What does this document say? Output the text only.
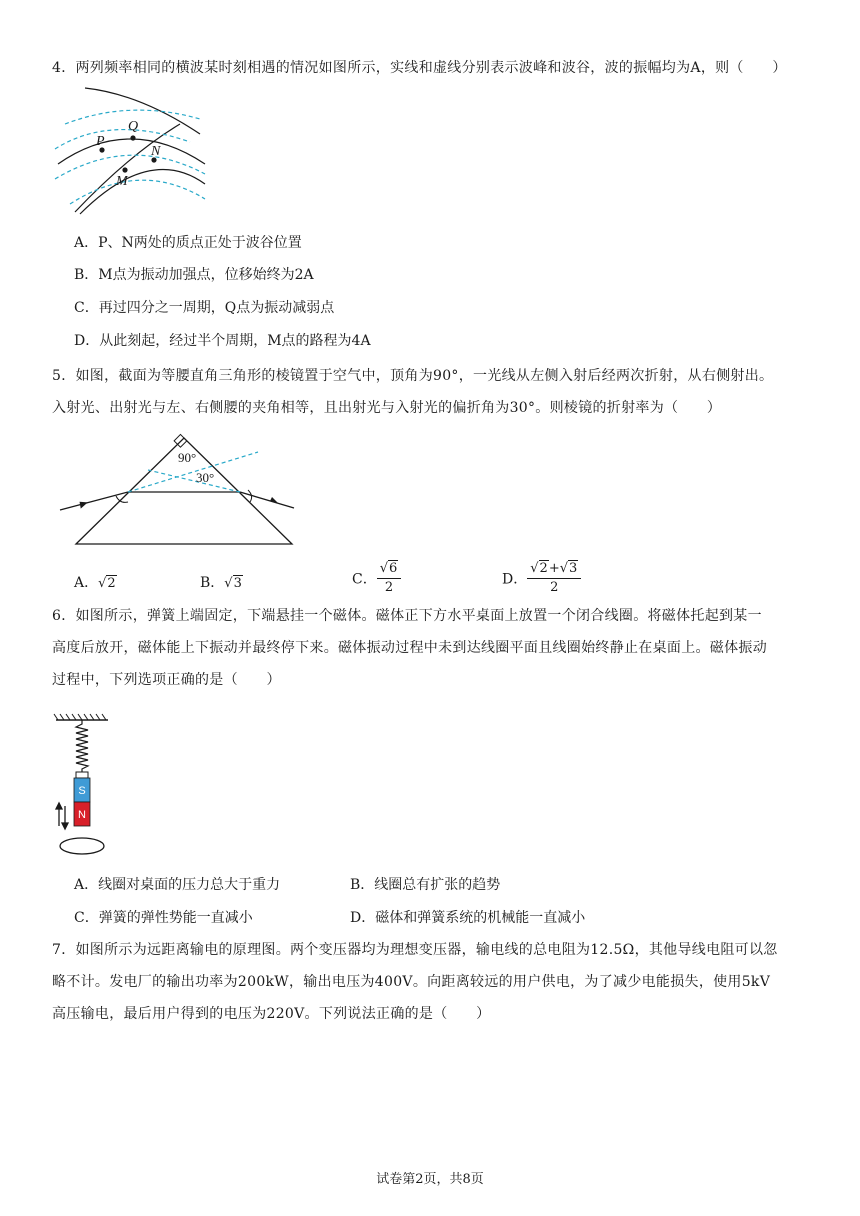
4．两列频率相同的横波某时刻相遇的情况如图所示，实线和虚线分别表示波峰和波谷，波的振幅均为A，则（　　）
P
Q
N
M
A．P、N两处的质点正处于波谷位置
B．M点为振动加强点，位移始终为2A
C．再过四分之一周期，Q点为振动减弱点
D．从此刻起，经过半个周期，M点的路程为4A
5．如图，截面为等腰直角三角形的棱镜置于空气中，顶角为90°，一光线从左侧入射后经两次折射，从右侧射出。
入射光、出射光与左、右侧腰的夹角相等，且出射光与入射光的偏折角为30°。则棱镜的折射率为（　　）
90°
30°
A．√2	B．√3	C． $\frac{√6}{2}$	D． $\frac{√2+√3}{2}$
6．如图所示，弹簧上端固定，下端悬挂一个磁体。磁体正下方水平桌面上放置一个闭合线圈。将磁体托起到某一
高度后放开，磁体能上下振动并最终停下来。磁体振动过程中未到达线圈平面且线圈始终静止在桌面上。磁体振动
过程中，下列选项正确的是（　　）
S
N
A．线圈对桌面的压力总大于重力	B．线圈总有扩张的趋势
C．弹簧的弹性势能一直减小	D．磁体和弹簧系统的机械能一直减小
7．如图所示为远距离输电的原理图。两个变压器均为理想变压器，输电线的总电阻为12.5Ω，其他导线电阻可以忽
略不计。发电厂的输出功率为200kW，输出电压为400V。向距离较远的用户供电，为了减少电能损失，使用5kV
高压输电，最后用户得到的电压为220V。下列说法正确的是（　　）
试卷第2页，共8页
